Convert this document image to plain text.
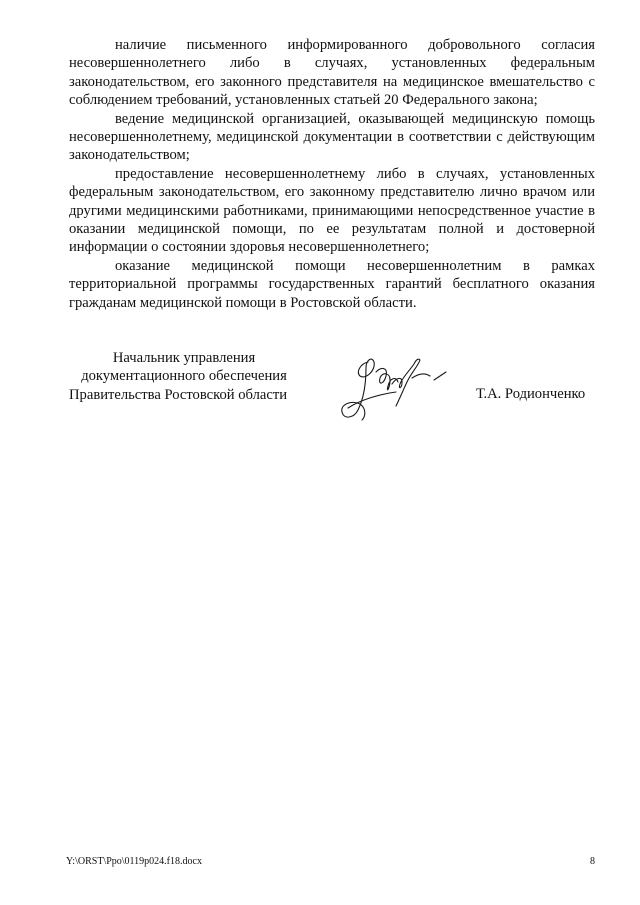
наличие письменного информированного добровольного согласия несовершеннолетнего либо в случаях, установленных федеральным законодательством, его законного представителя на медицинское вмешательство с соблюдением требований, установленных статьей 20 Федерального закона;

ведение медицинской организацией, оказывающей медицинскую помощь несовершеннолетнему, медицинской документации в соответствии с действующим законодательством;

предоставление несовершеннолетнему либо в случаях, установленных федеральным законодательством, его законному представителю лично врачом или другими медицинскими работниками, принимающими непосредственное участие в оказании медицинской помощи, по ее результатам полной и достоверной информации о состоянии здоровья несовершеннолетнего;

оказание медицинской помощи несовершеннолетним в рамках территориальной программы государственных гарантий бесплатного оказания гражданам медицинской помощи в Ростовской области.

Начальник управления
документационного обеспечения
Правительства Ростовской области	Т.А. Родионченко
Y:\ORST\Ppo\0119p024.f18.docx	8
